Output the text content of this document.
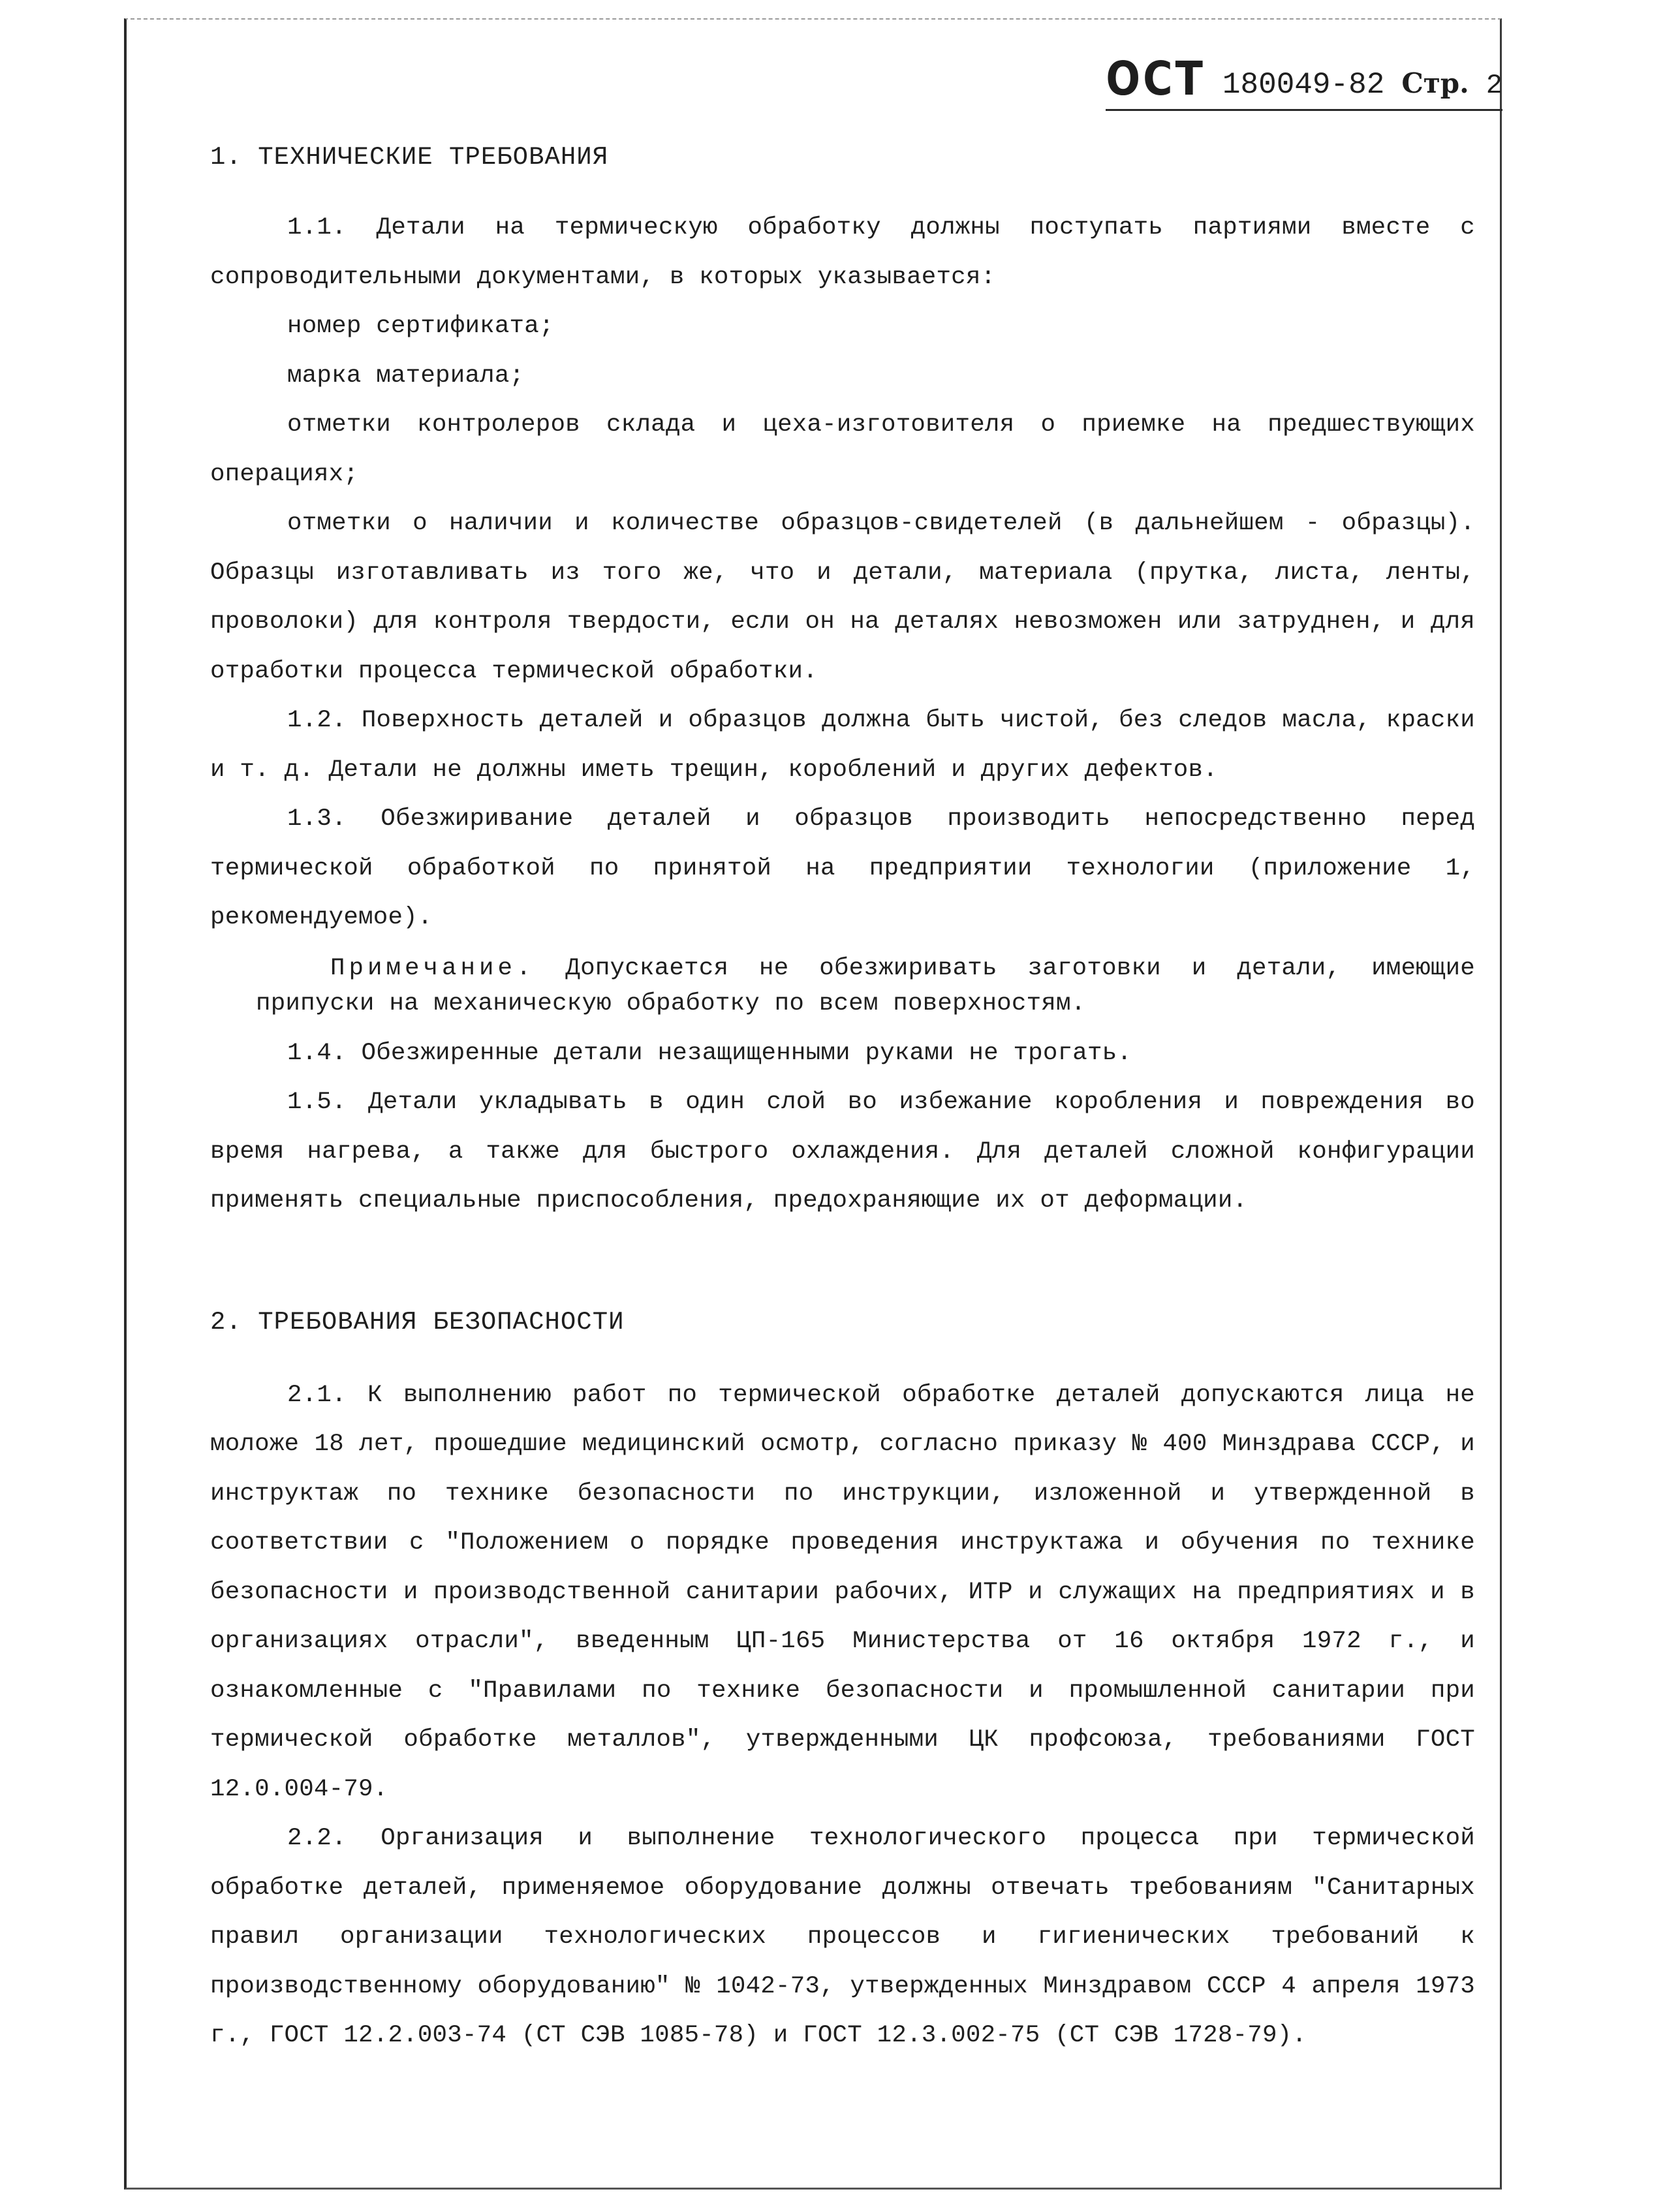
ОСТ 180049-82 Стр. 2
1. ТЕХНИЧЕСКИЕ ТРЕБОВАНИЯ

1.1. Детали на термическую обработку должны поступать партиями вместе с сопроводительными документами, в которых указывается:

номер сертификата;

марка материала;

отметки контролеров склада и цеха-изготовителя о приемке на предшествующих операциях;

отметки о наличии и количестве образцов-свидетелей (в дальнейшем - образцы). Образцы изготавливать из того же, что и детали, материала (прутка, листа, ленты, проволоки) для контроля твердости, если он на деталях невозможен или затруднен, и для отработки процесса термической обработки.

1.2. Поверхность деталей и образцов должна быть чистой, без следов масла, краски и т. д. Детали не должны иметь трещин, короблений и других дефектов.

1.3. Обезжиривание деталей и образцов производить непосредственно перед термической обработкой по принятой на предприятии технологии (приложение 1, рекомендуемое).

Примечание. Допускается не обезжиривать заготовки и детали, имеющие припуски на механическую обработку по всем поверхностям.

1.4. Обезжиренные детали незащищенными руками не трогать.

1.5. Детали укладывать в один слой во избежание коробления и повреждения во время нагрева, а также для быстрого охлаждения. Для деталей сложной конфигурации применять специальные приспособления, предохраняющие их от деформации.

2. ТРЕБОВАНИЯ БЕЗОПАСНОСТИ

2.1. К выполнению работ по термической обработке деталей допускаются лица не моложе 18 лет, прошедшие медицинский осмотр, согласно приказу № 400 Минздрава СССР, и инструктаж по технике безопасности по инструкции, изложенной и утвержденной в соответствии с "Положением о порядке проведения инструктажа и обучения по технике безопасности и производственной санитарии рабочих, ИТР и служащих на предприятиях и в организациях отрасли", введенным ЦП-165 Министерства от 16 октября 1972 г., и ознакомленные с "Правилами по технике безопасности и промышленной санитарии при термической обработке металлов", утвержденными ЦК профсоюза, требованиями ГОСТ 12.0.004-79.

2.2. Организация и выполнение технологического процесса при термической обработке деталей, применяемое оборудование должны отвечать требованиям "Санитарных правил организации технологических процессов и гигиенических требований к производственному оборудованию" № 1042-73, утвержденных Минздравом СССР 4 апреля 1973 г., ГОСТ 12.2.003-74 (СТ СЭВ 1085-78) и ГОСТ 12.3.002-75 (СТ СЭВ 1728-79).
